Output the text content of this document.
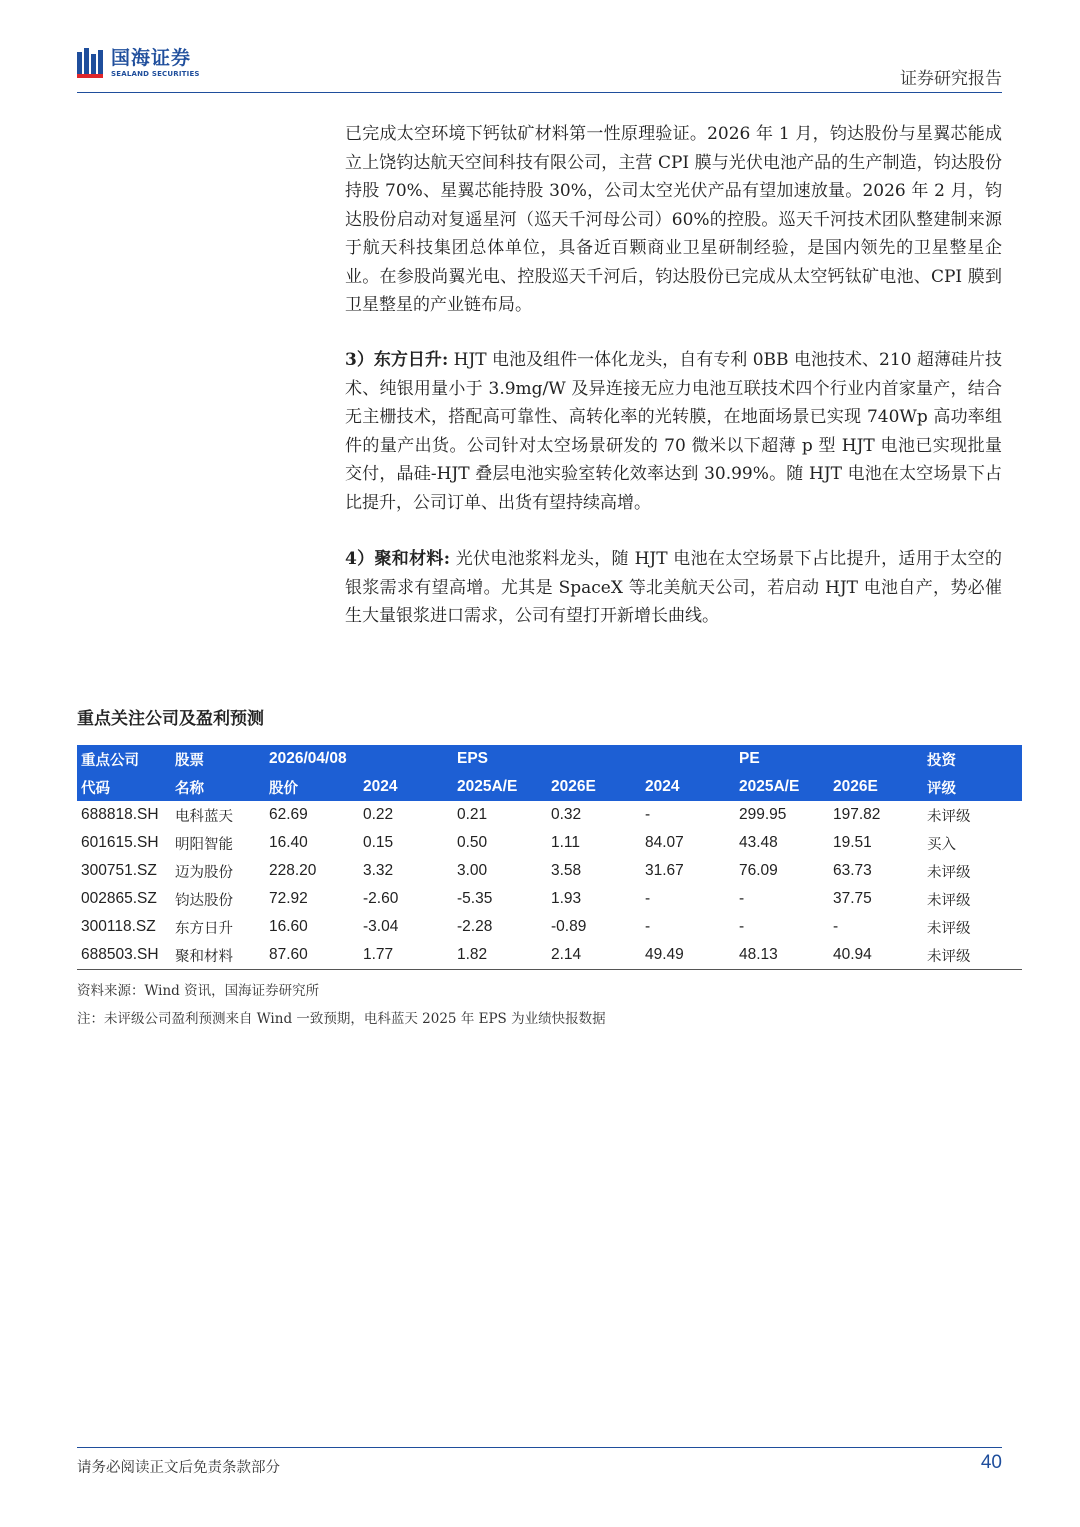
国海证券
SEALAND SECURITIES	证券研究报告

已完成太空环境下钙钛矿材料第一性原理验证。2026 年 1 月，钧达股份与星翼芯能成立上饶钧达航天空间科技有限公司，主营 CPI 膜与光伏电池产品的生产制造，钧达股份持股 70%、星翼芯能持股 30%，公司太空光伏产品有望加速放量。2026 年 2 月，钧达股份启动对复遥星河（巡天千河母公司）60%的控股。巡天千河技术团队整建制来源于航天科技集团总体单位，具备近百颗商业卫星研制经验，是国内领先的卫星整星企业。在参股尚翼光电、控股巡天千河后，钧达股份已完成从太空钙钛矿电池、CPI 膜到卫星整星的产业链布局。

3）东方日升: HJT 电池及组件一体化龙头，自有专利 0BB 电池技术、210 超薄硅片技术、纯银用量小于 3.9mg/W 及异连接无应力电池互联技术四个行业内首家量产，结合无主栅技术，搭配高可靠性、高转化率的光转膜，在地面场景已实现 740Wp 高功率组件的量产出货。公司针对太空场景研发的 70 微米以下超薄 p 型 HJT 电池已实现批量交付，晶硅-HJT 叠层电池实验室转化效率达到 30.99%。随 HJT 电池在太空场景下占比提升，公司订单、出货有望持续高增。

4）聚和材料: 光伏电池浆料龙头，随 HJT 电池在太空场景下占比提升，适用于太空的银浆需求有望高增。尤其是 SpaceX 等北美航天公司，若启动 HJT 电池自产，势必催生大量银浆进口需求，公司有望打开新增长曲线。

重点关注公司及盈利预测
重点公司	股票	2026/04/08		EPS			PE		投资
代码	名称	股价	2024	2025A/E	2026E	2024	2025A/E	2026E	评级
688818.SH	电科蓝天	62.69	0.22	0.21	0.32	-	299.95	197.82	未评级
601615.SH	明阳智能	16.40	0.15	0.50	1.11	84.07	43.48	19.51	买入
300751.SZ	迈为股份	228.20	3.32	3.00	3.58	31.67	76.09	63.73	未评级
002865.SZ	钧达股份	72.92	-2.60	-5.35	1.93	-	-	37.75	未评级
300118.SZ	东方日升	16.60	-3.04	-2.28	-0.89	-	-	-	未评级
688503.SH	聚和材料	87.60	1.77	1.82	2.14	49.49	48.13	40.94	未评级
资料来源：Wind 资讯，国海证券研究所
注：未评级公司盈利预测来自 Wind 一致预期，电科蓝天 2025 年 EPS 为业绩快报数据
请务必阅读正文后免责条款部分	40
